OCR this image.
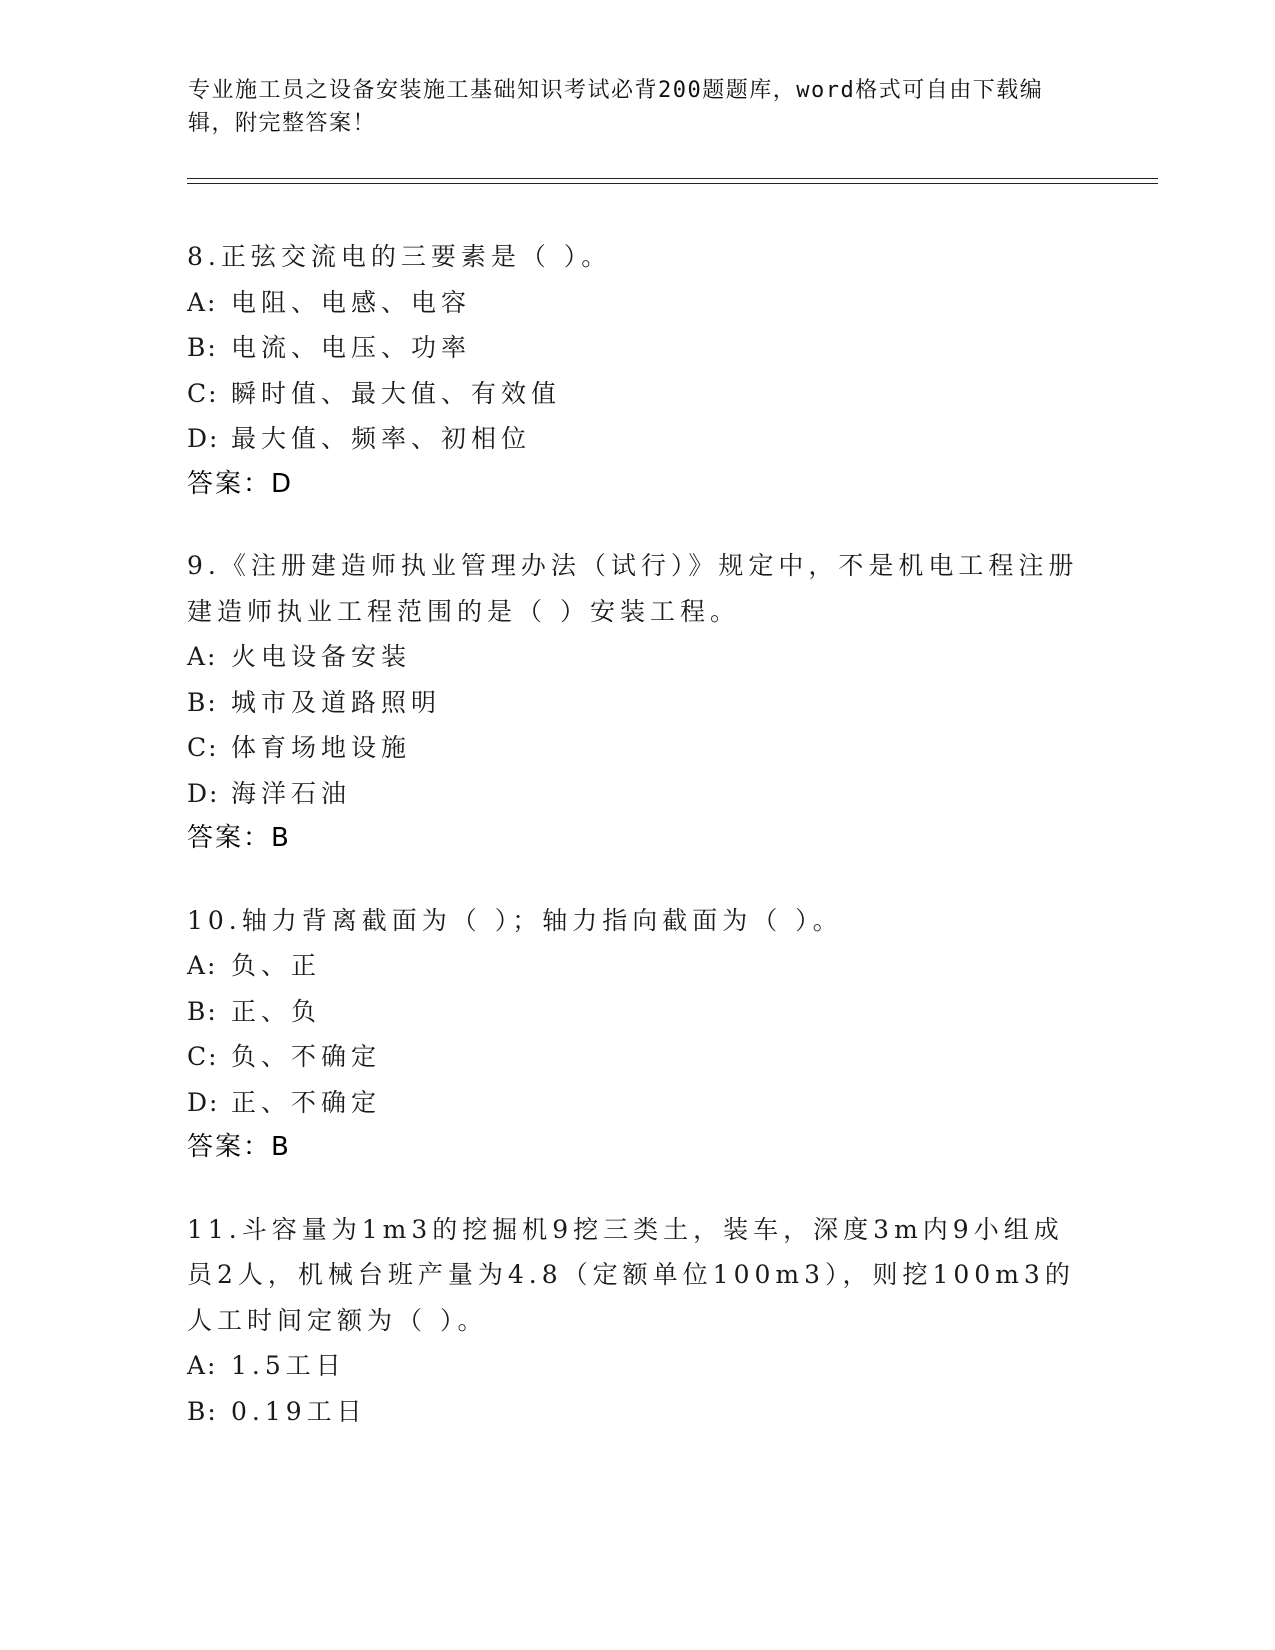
专业施工员之设备安装施工基础知识考试必背200题题库，word格式可自由下载编辑，附完整答案！
8.正弦交流电的三要素是（ ）。
A: 电阻、电感、电容
B: 电流、电压、功率
C: 瞬时值、最大值、有效值
D: 最大值、频率、初相位
答案：D
9.《注册建造师执业管理办法（试行）》规定中，不是机电工程注册建造师执业工程范围的是（ ）安装工程。
A: 火电设备安装
B: 城市及道路照明
C: 体育场地设施
D: 海洋石油
答案：B
10.轴力背离截面为（ ）；轴力指向截面为（ ）。
A: 负、正
B: 正、负
C: 负、不确定
D: 正、不确定
答案：B
11.斗容量为1m3的挖掘机9挖三类土，装车，深度3m内9小组成员2人，机械台班产量为4.8（定额单位100m3），则挖100m3的人工时间定额为（ ）。
A: 1.5工日
B: 0.19工日
